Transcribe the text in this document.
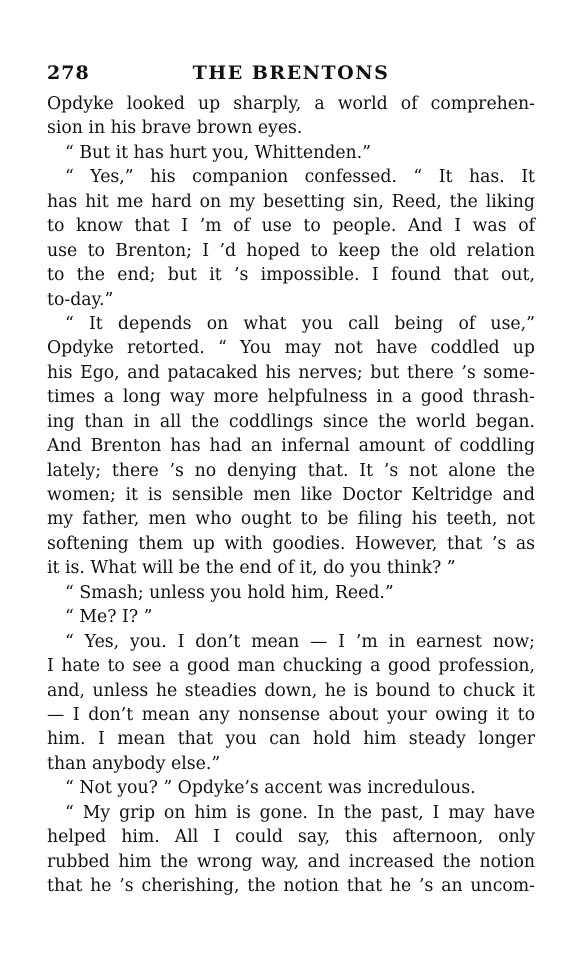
278	THE BRENTONS
Opdyke looked up sharply, a world of comprehen-
sion in his brave brown eyes.
“ But it has hurt you, Whittenden.”
“ Yes,” his companion confessed. “ It has. It
has hit me hard on my besetting sin, Reed, the liking
to know that I ’m of use to people. And I was of
use to Brenton; I ’d hoped to keep the old relation
to the end; but it ’s impossible. I found that out,
to-day.”
“ It depends on what you call being of use,”
Opdyke retorted. “ You may not have coddled up
his Ego, and patacaked his nerves; but there ’s some-
times a long way more helpfulness in a good thrash-
ing than in all the coddlings since the world began.
And Brenton has had an infernal amount of coddling
lately; there ’s no denying that. It ’s not alone the
women; it is sensible men like Doctor Keltridge and
my father, men who ought to be filing his teeth, not
softening them up with goodies. However, that ’s as
it is. What will be the end of it, do you think? ”
“ Smash; unless you hold him, Reed.”
“ Me? I? ”
“ Yes, you. I don’t mean — I ’m in earnest now;
I hate to see a good man chucking a good profession,
and, unless he steadies down, he is bound to chuck it
— I don’t mean any nonsense about your owing it to
him. I mean that you can hold him steady longer
than anybody else.”
“ Not you? ” Opdyke’s accent was incredulous.
“ My grip on him is gone. In the past, I may have
helped him. All I could say, this afternoon, only
rubbed him the wrong way, and increased the notion
that he ’s cherishing, the notion that he ’s an uncom-
